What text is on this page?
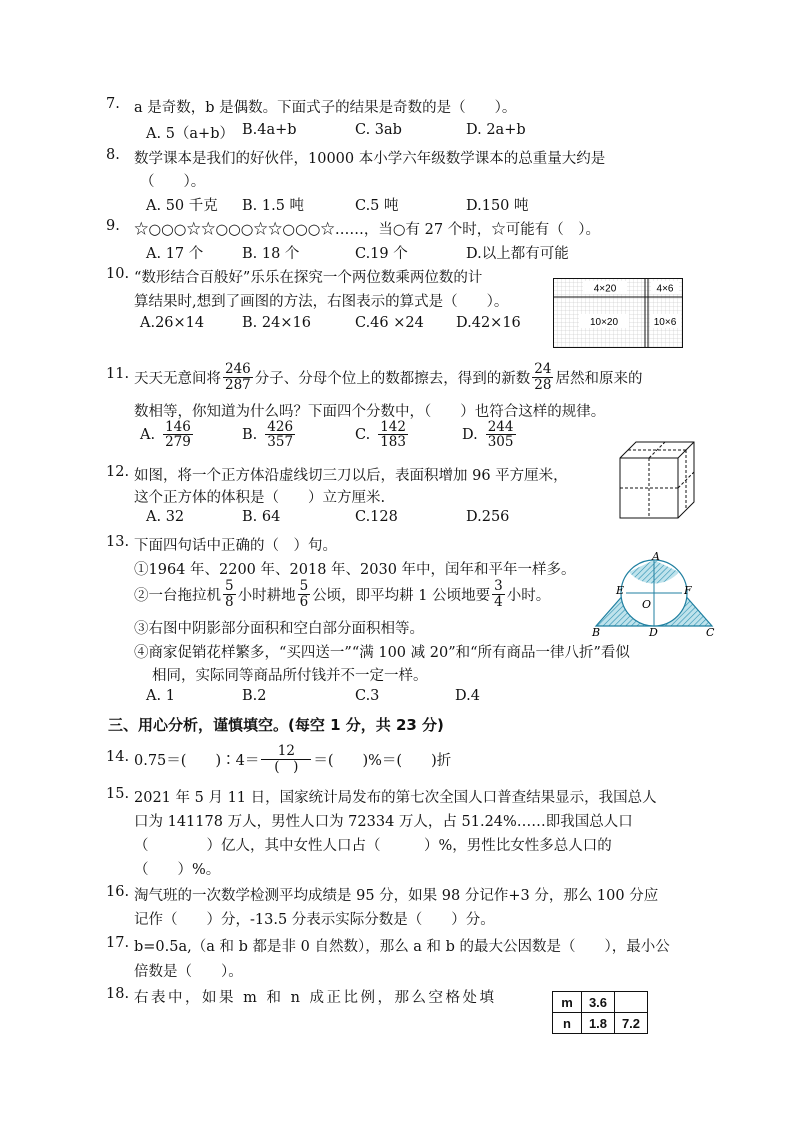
7. a 是奇数，b 是偶数。下面式子的结果是奇数的是（　　）。
A. 5（a+b） B.4a+b	C. 3ab	D. 2a+b
8. 数学课本是我们的好伙伴，10000 本小学六年级数学课本的总重量大约是
（　　）。
A. 50 千克 B. 1.5 吨	C.5 吨	D.150 吨
9. ☆○○○☆☆○○○☆☆○○○☆……，当○有 27 个时，☆可能有（　）。
A. 17 个	B. 18 个	C.19 个	D.以上都有可能
10. “数形结合百般好”乐乐在探究一个两位数乘两位数的计
算结果时,想到了画图的方法，右图表示的算式是（　　）。
A.26×14	B. 24×16	C.46 ×24 D.42×16
4×20	4×6
10×20	10×6
11. 天天无意间将 $\frac{246}{287}$ 分子、分母个位上的数都擦去，得到的新数 $\frac{24}{28}$ 居然和原来的
数相等，你知道为什么吗？下面四个分数中，（　　）也符合这样的规律。
A. $\frac{146}{279}$	B. $\frac{426}{357}$	C. $\frac{142}{183}$	D. $\frac{244}{305}$
12. 如图，将一个正方体沿虚线切三刀以后，表面积增加 96 平方厘米，
这个正方体的体积是（　　）立方厘米.
A. 32	B. 64	C.128	D.256
13. 下面四句话中正确的（　）句。
①1964 年、2200 年、2018 年、2030 年中，闰年和平年一样多。
②一台拖拉机 $\frac{5}{8}$ 小时耕地 $\frac{5}{6}$ 公顷，即平均耕 1 公顷地要 $\frac{3}{4}$ 小时。
③右图中阴影部分面积和空白部分面积相等。
④商家促销花样繁多，“买四送一”“满 100 减 20”和“所有商品一律八折”看似
相同，实际同等商品所付钱并不一定一样。
A. 1	B.2	C.3	D.4
A
E	F
O
B	D	C
三、用心分析，谨慎填空。(每空 1 分，共 23 分)
14. 0.75＝(　　)∶4＝ $\frac{12}{( )}$ ＝(　　)%＝(　　)折
15. 2021 年 5 月 11 日，国家统计局发布的第七次全国人口普查结果显示，我国总人
口为 141178 万人，男性人口为 72334 万人，占 51.24%……即我国总人口
（　　　　）亿人，其中女性人口占（　　　）%，男性比女性多总人口的
（　　）%。
16. 淘气班的一次数学检测平均成绩是 95 分，如果 98 分记作+3 分，那么 100 分应
记作（　　）分，-13.5 分表示实际分数是（　　）分。
17. b=0.5a,（a 和 b 都是非 0 自然数），那么 a 和 b 的最大公因数是（　　），最小公
倍数是（　　）。
18. 右表中，如果 m 和 n 成正比例，那么空格处填	m	3.6	
n	1.8	7.2
